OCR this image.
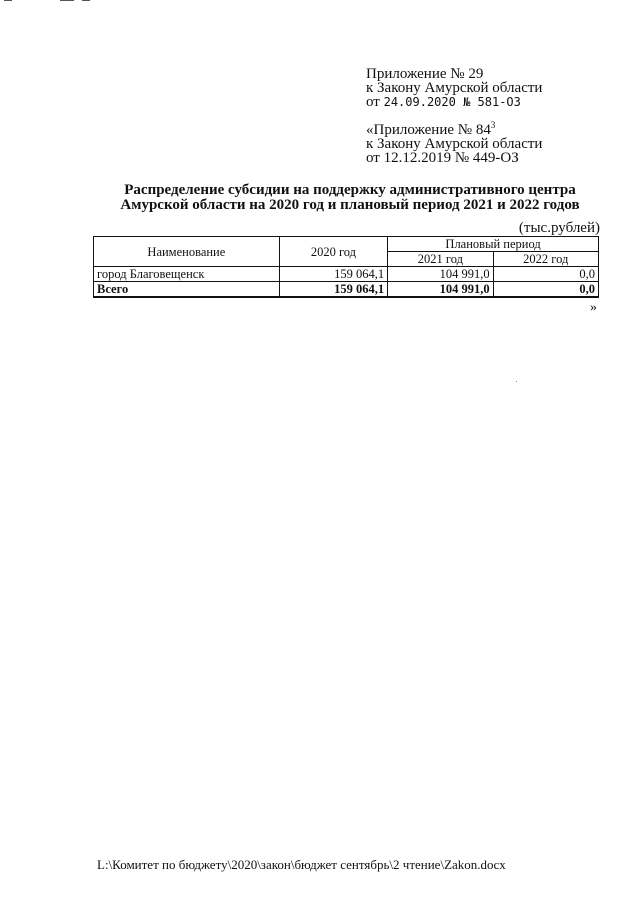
Приложение № 29
к Закону Амурской области
от 24.09.2020 № 581-ОЗ
«Приложение № $84^3$
к Закону Амурской области
от 12.12.2019 № 449-ОЗ
Распределение субсидии на поддержку административного центра
Амурской области на 2020 год и плановый период 2021 и 2022 годов
(тыс.рублей)
Наименование	2020 год	Плановый период	
		2021 год	2022 год
город Благовещенск	159 064,1	104 991,0	0,0
Всего	159 064,1	104 991,0	0,0
»
L:\Комитет по бюджету\2020\закон\бюджет сентябрь\2 чтение\Zakon.docx
